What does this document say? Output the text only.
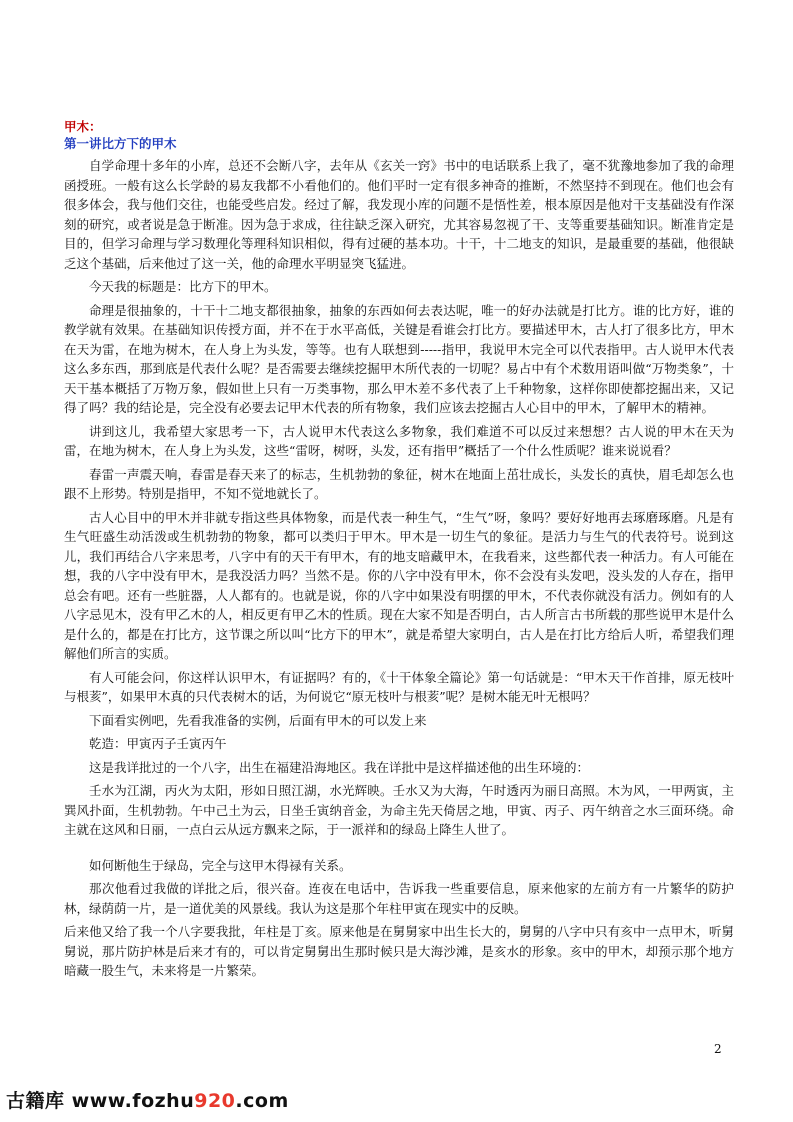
甲木：
第一讲比方下的甲木

自学命理十多年的小库，总还不会断八字，去年从《玄关一窍》书中的电话联系上我了，毫不犹豫地参加了我的命理函授班。一般有这么长学龄的易友我都不小看他们的。他们平时一定有很多神奇的推断，不然坚持不到现在。他们也会有很多体会，我与他们交往，也能受些启发。经过了解，我发现小库的问题不是悟性差，根本原因是他对干支基础没有作深刻的研究，或者说是急于断准。因为急于求成，往往缺乏深入研究，尤其容易忽视了干、支等重要基础知识。断准肯定是目的，但学习命理与学习数理化等理科知识相似，得有过硬的基本功。十干，十二地支的知识，是最重要的基础，他很缺乏这个基础，后来他过了这一关，他的命理水平明显突飞猛进。

今天我的标题是：比方下的甲木。

命理是很抽象的，十干十二地支都很抽象，抽象的东西如何去表达呢，唯一的好办法就是打比方。谁的比方好，谁的教学就有效果。在基础知识传授方面，并不在于水平高低，关键是看谁会打比方。要描述甲木，古人打了很多比方，甲木在天为雷，在地为树木，在人身上为头发，等等。也有人联想到-----指甲，我说甲木完全可以代表指甲。古人说甲木代表这么多东西，那到底是代表什么呢？是否需要去继续挖掘甲木所代表的一切呢？易占中有个术数用语叫做“万物类象”，十天干基本概括了万物万象，假如世上只有一万类事物，那么甲木差不多代表了上千种物象，这样你即使都挖掘出来，又记得了吗？我的结论是，完全没有必要去记甲木代表的所有物象，我们应该去挖掘古人心目中的甲木，了解甲木的精神。

讲到这儿，我希望大家思考一下，古人说甲木代表这么多物象，我们难道不可以反过来想想？古人说的甲木在天为雷，在地为树木，在人身上为头发，这些“雷呀，树呀，头发，还有指甲”概括了一个什么性质呢？谁来说说看？

春雷一声震天响，春雷是春天来了的标志，生机勃勃的象征，树木在地面上茁壮成长，头发长的真快，眉毛却怎么也跟不上形势。特别是指甲，不知不觉地就长了。

古人心目中的甲木并非就专指这些具体物象，而是代表一种生气，“生气”呀，象吗？要好好地再去琢磨琢磨。凡是有生气旺盛生动活泼或生机勃勃的物象，都可以类归于甲木。甲木是一切生气的象征。是活力与生气的代表符号。说到这儿，我们再结合八字来思考，八字中有的天干有甲木，有的地支暗藏甲木，在我看来，这些都代表一种活力。有人可能在想，我的八字中没有甲木，是我没活力吗？当然不是。你的八字中没有甲木，你不会没有头发吧，没头发的人存在，指甲总会有吧。还有一些脏器，人人都有的。也就是说，你的八字中如果没有明摆的甲木，不代表你就没有活力。例如有的人八字忌见木，没有甲乙木的人，相反更有甲乙木的性质。现在大家不知是否明白，古人所言古书所载的那些说甲木是什么是什么的，都是在打比方，这节课之所以叫“比方下的甲木”，就是希望大家明白，古人是在打比方给后人听，希望我们理解他们所言的实质。

有人可能会问，你这样认识甲木，有证据吗？有的，《十干体象全篇论》第一句话就是：“甲木天干作首排，原无枝叶与根荄”，如果甲木真的只代表树木的话，为何说它“原无枝叶与根荄”呢？是树木能无叶无根吗？

下面看实例吧，先看我准备的实例，后面有甲木的可以发上来

乾造：甲寅丙子壬寅丙午

这是我详批过的一个八字，出生在福建沿海地区。我在详批中是这样描述他的出生环境的：

壬水为江湖，丙火为太阳，形如日照江湖，水光辉映。壬水又为大海，午时透丙为丽日高照。木为风，一甲两寅，主巽风扑面，生机勃勃。午中己土为云，日坐壬寅纳音金，为命主先天倚居之地，甲寅、丙子、丙午纳音之水三面环绕。命主就在这风和日丽，一点白云从远方飘来之际，于一派祥和的绿岛上降生人世了。

如何断他生于绿岛，完全与这甲木得禄有关系。

那次他看过我做的详批之后，很兴奋。连夜在电话中，告诉我一些重要信息，原来他家的左前方有一片繁华的防护林，绿荫荫一片，是一道优美的风景线。我认为这是那个年柱甲寅在现实中的反映。

后来他又给了我一个八字要我批，年柱是丁亥。原来他是在舅舅家中出生长大的，舅舅的八字中只有亥中一点甲木，听舅舅说，那片防护林是后来才有的，可以肯定舅舅出生那时候只是大海沙滩，是亥水的形象。亥中的甲木，却预示那个地方暗藏一股生气，未来将是一片繁荣。

2
古籍库 www.fozhu920.com
